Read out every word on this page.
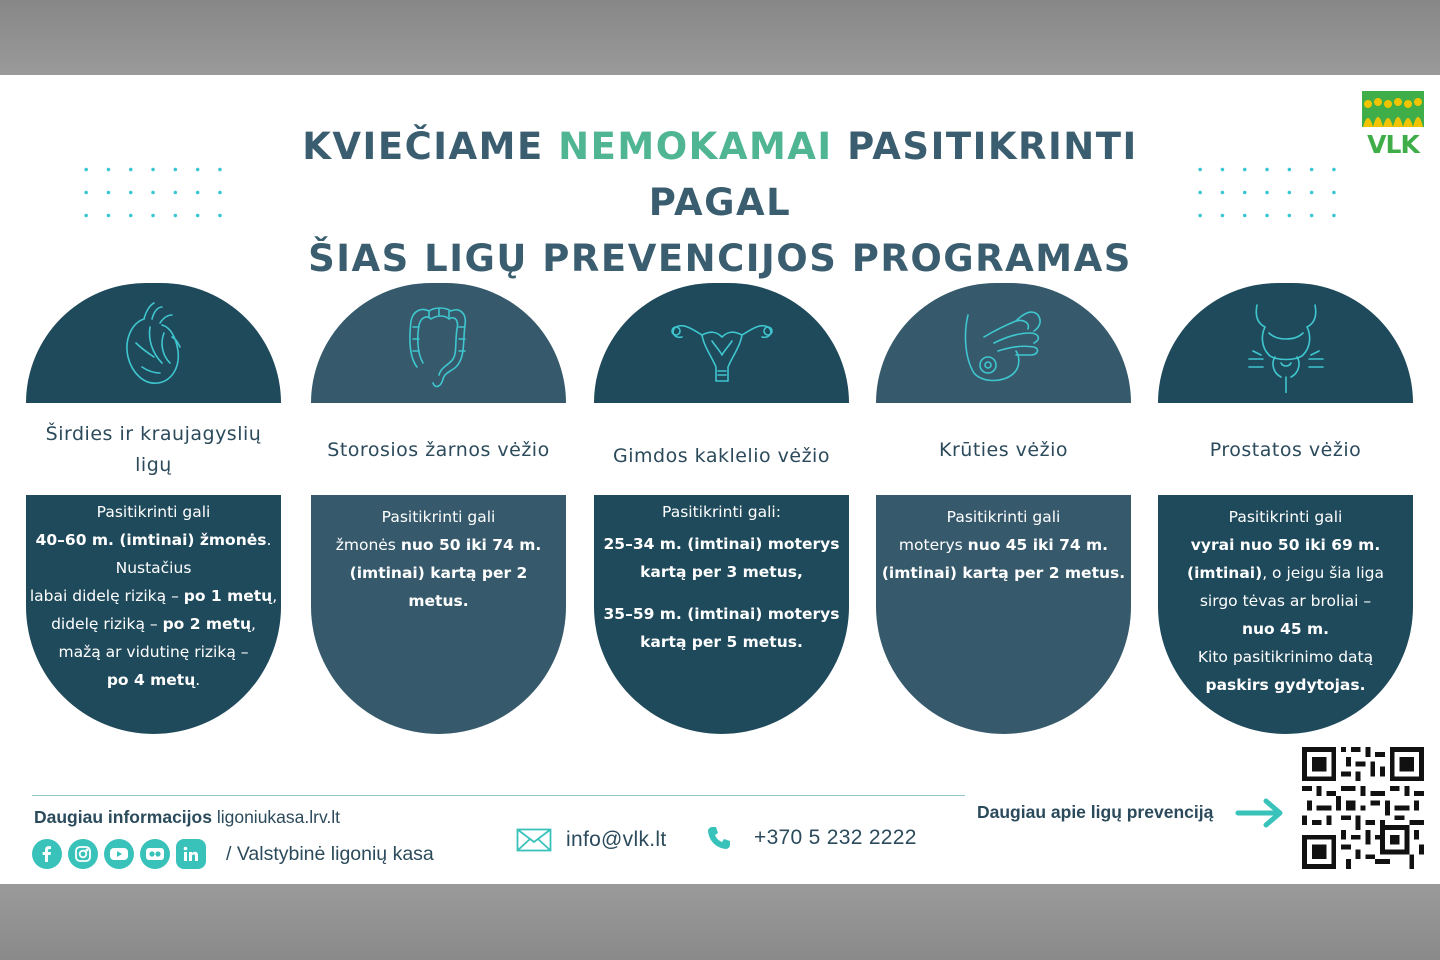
VLK
KVIEČIAME NEMOKAMAI PASITIKRINTI PAGAL
ŠIAS LIGŲ PREVENCIJOS PROGRAMAS
Širdies ir kraujagyslių ligų
Pasitikrinti gali
40–60 m. (imtinai) žmonės.
Nustačius
labai didelę riziką – po 1 metų,
didelę riziką – po 2 metų,
mažą ar vidutinę riziką –
po 4 metų.
Storosios žarnos vėžio
Pasitikrinti gali
žmonės nuo 50 iki 74 m.
(imtinai) kartą per 2
metus.
Gimdos kaklelio vėžio
Pasitikrinti gali:
25–34 m. (imtinai) moterys
kartą per 3 metus,
35–59 m. (imtinai) moterys
kartą per 5 metus.
Krūties vėžio
Pasitikrinti gali
moterys nuo 45 iki 74 m.
(imtinai) kartą per 2 metus.
Prostatos vėžio
Pasitikrinti gali
vyrai nuo 50 iki 69 m.
(imtinai), o jeigu šia liga
sirgo tėvas ar broliai –
nuo 45 m.
Kito pasitikrinimo datą
paskirs gydytojas.
Daugiau informacijos ligoniukasa.lrv.lt
/ Valstybinė ligonių kasa
info@vlk.lt	+370 5 232 2222
Daugiau apie ligų prevenciją
